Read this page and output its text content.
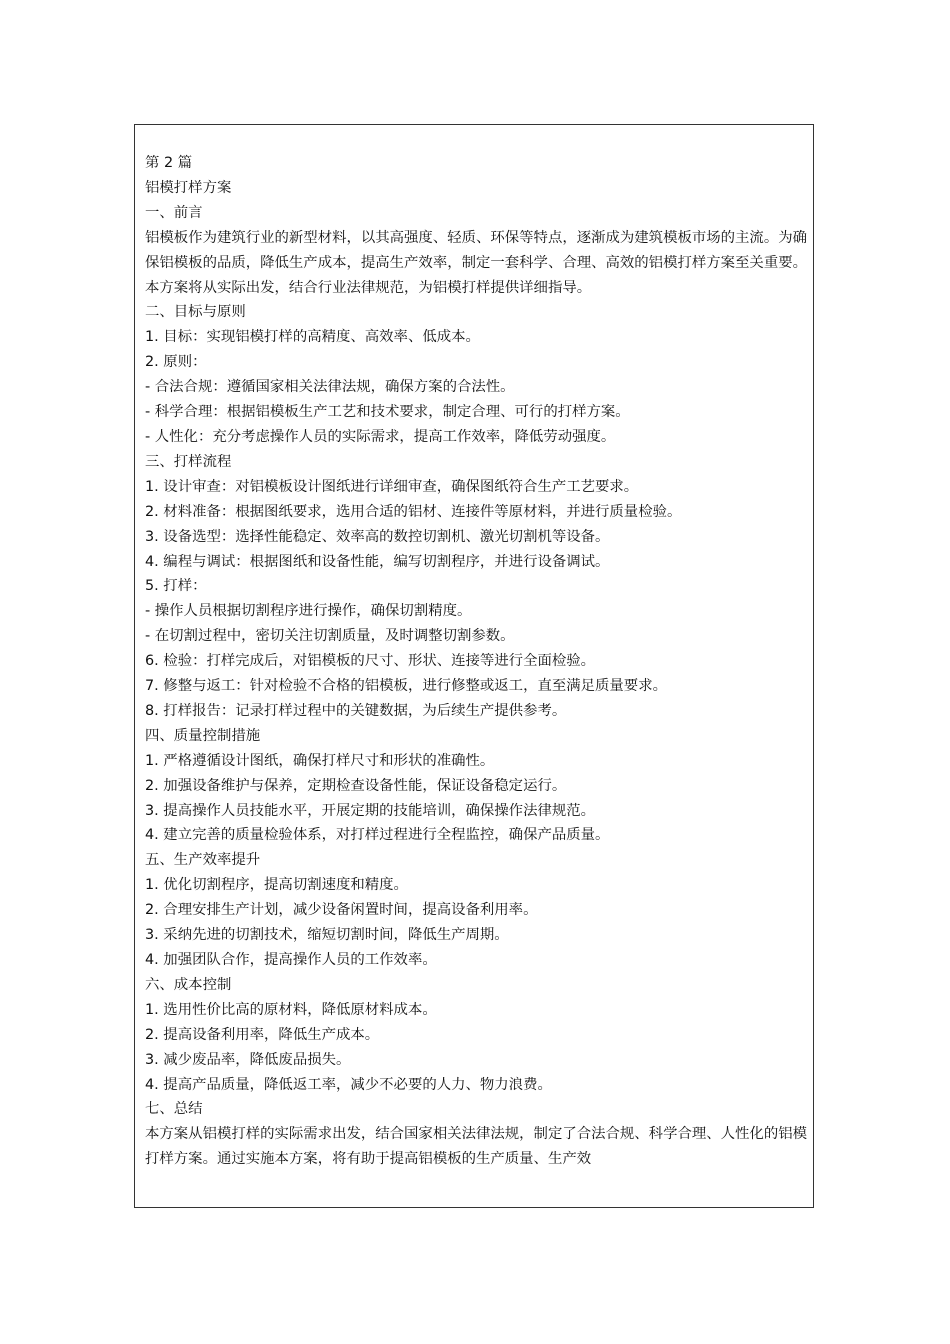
第 2 篇
铝模打样方案
一、前言
铝模板作为建筑行业的新型材料，以其高强度、轻质、环保等特点，逐渐成为建筑模板市场的主流。为确保铝模板的品质，降低生产成本，提高生产效率，制定一套科学、合理、高效的铝模打样方案至关重要。本方案将从实际出发，结合行业法律规范，为铝模打样提供详细指导。
二、目标与原则
1. 目标：实现铝模打样的高精度、高效率、低成本。
2. 原则：
- 合法合规：遵循国家相关法律法规，确保方案的合法性。
- 科学合理：根据铝模板生产工艺和技术要求，制定合理、可行的打样方案。
- 人性化：充分考虑操作人员的实际需求，提高工作效率，降低劳动强度。
三、打样流程
1. 设计审查：对铝模板设计图纸进行详细审查，确保图纸符合生产工艺要求。
2. 材料准备：根据图纸要求，选用合适的铝材、连接件等原材料，并进行质量检验。
3. 设备选型：选择性能稳定、效率高的数控切割机、激光切割机等设备。
4. 编程与调试：根据图纸和设备性能，编写切割程序，并进行设备调试。
5. 打样：
- 操作人员根据切割程序进行操作，确保切割精度。
- 在切割过程中，密切关注切割质量，及时调整切割参数。
6. 检验：打样完成后，对铝模板的尺寸、形状、连接等进行全面检验。
7. 修整与返工：针对检验不合格的铝模板，进行修整或返工，直至满足质量要求。
8. 打样报告：记录打样过程中的关键数据，为后续生产提供参考。
四、质量控制措施
1. 严格遵循设计图纸，确保打样尺寸和形状的准确性。
2. 加强设备维护与保养，定期检查设备性能，保证设备稳定运行。
3. 提高操作人员技能水平，开展定期的技能培训，确保操作法律规范。
4. 建立完善的质量检验体系，对打样过程进行全程监控，确保产品质量。
五、生产效率提升
1. 优化切割程序，提高切割速度和精度。
2. 合理安排生产计划，减少设备闲置时间，提高设备利用率。
3. 采纳先进的切割技术，缩短切割时间，降低生产周期。
4. 加强团队合作，提高操作人员的工作效率。
六、成本控制
1. 选用性价比高的原材料，降低原材料成本。
2. 提高设备利用率，降低生产成本。
3. 减少废品率，降低废品损失。
4. 提高产品质量，降低返工率，减少不必要的人力、物力浪费。
七、总结
本方案从铝模打样的实际需求出发，结合国家相关法律法规，制定了合法合规、科学合理、人性化的铝模打样方案。通过实施本方案，将有助于提高铝模板的生产质量、生产效
